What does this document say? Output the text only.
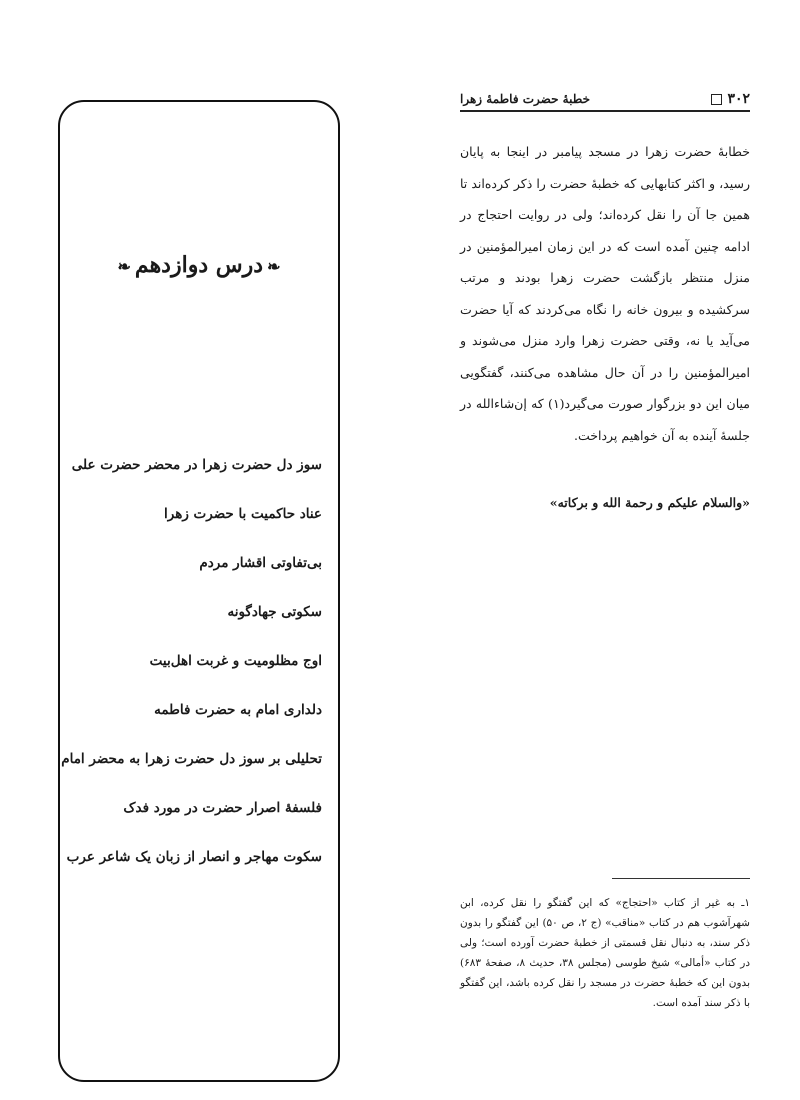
۳۰۲
خطبهٔ حضرت فاطمهٔ زهرا

خطابهٔ حضرت زهرا در مسجد پیامبر در اینجا به پایان رسید، و اکثر کتابهایی که خطبهٔ حضرت را ذکر کرده‌اند تا همین جا آن را نقل کرده‌اند؛ ولی در روایت احتجاج در ادامه چنین آمده است که در این زمان امیرالمؤمنین در منزل منتظر بازگشت حضرت زهرا بودند و مرتب سرکشیده و بیرون خانه را نگاه می‌کردند که آیا حضرت می‌آید یا نه، وقتی حضرت زهرا وارد منزل می‌شوند و امیرالمؤمنین را در آن حال مشاهده می‌کنند، گفتگویی میان این دو بزرگوار صورت می‌گیرد(۱) که إن‌شاءالله در جلسهٔ آینده به آن خواهیم پرداخت.

«والسلام علیکم و رحمة الله و برکاته»
۱ـ به غیر از کتاب «احتجاج» که این گفتگو را نقل کرده، ابن شهرآشوب هم در کتاب «مناقب» (ج ۲، ص ۵۰) این گفتگو را بدون ذکر سند، به دنبال نقل قسمتی از خطبهٔ حضرت آورده است؛ ولی در کتاب «أمالی» شیخ طوسی (مجلس ۳۸، حدیث ۸، صفحهٔ ۶۸۳) بدون این که خطبهٔ حضرت در مسجد را نقل کرده باشد، این گفتگو با ذکر سند آمده است.
❧درس دوازدهم❧
سوز دل حضرت زهرا در محضر حضرت علی
عناد حاکمیت با حضرت زهرا
بی‌تفاوتی اقشار مردم
سکوتی جهادگونه
اوج مظلومیت و غربت اهل‌بیت
دلداری امام به حضرت فاطمه
تحلیلی بر سوز دل حضرت زهرا به محضر امام
فلسفهٔ اصرار حضرت در مورد فدک
سکوت مهاجر و انصار از زبان یک شاعر عرب
